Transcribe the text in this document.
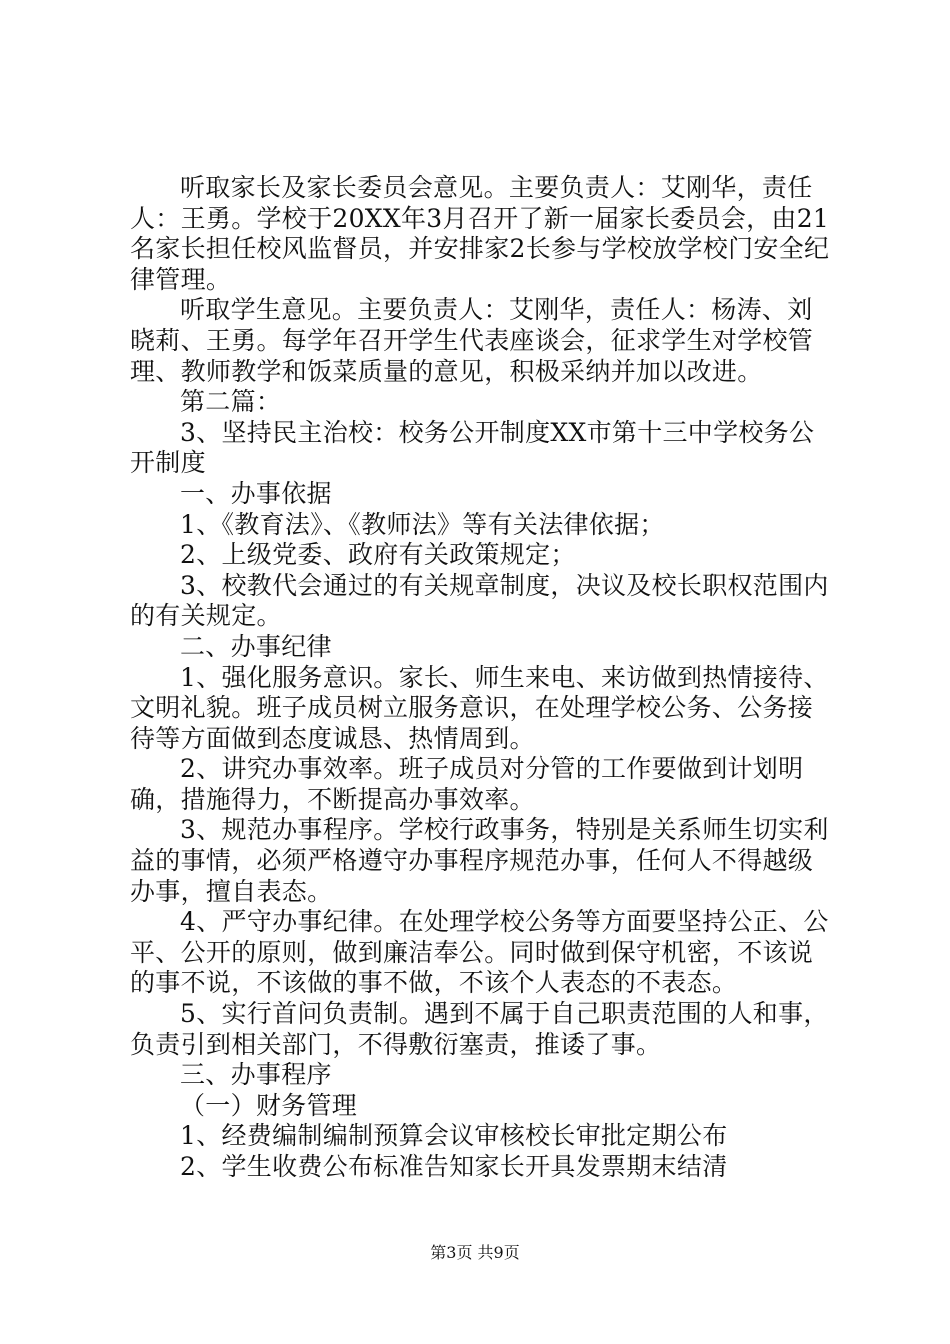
听取家长及家长委员会意见。主要负责人：艾刚华，责任人：王勇。学校于20XX年3月召开了新一届家长委员会，由21名家长担任校风监督员，并安排家2长参与学校放学校门安全纪律管理。

听取学生意见。主要负责人：艾刚华，责任人：杨涛、刘晓莉、王勇。每学年召开学生代表座谈会，征求学生对学校管理、教师教学和饭菜质量的意见，积极采纳并加以改进。

第二篇：

3、坚持民主治校：校务公开制度XX市第十三中学校务公开制度

一、办事依据

1、《教育法》、《教师法》等有关法律依据；

2、上级党委、政府有关政策规定；

3、校教代会通过的有关规章制度，决议及校长职权范围内的有关规定。

二、办事纪律

1、强化服务意识。家长、师生来电、来访做到热情接待、文明礼貌。班子成员树立服务意识，在处理学校公务、公务接待等方面做到态度诚恳、热情周到。

2、讲究办事效率。班子成员对分管的工作要做到计划明确，措施得力，不断提高办事效率。

3、规范办事程序。学校行政事务，特别是关系师生切实利益的事情，必须严格遵守办事程序规范办事，任何人不得越级办事，擅自表态。

4、严守办事纪律。在处理学校公务等方面要坚持公正、公平、公开的原则，做到廉洁奉公。同时做到保守机密，不该说的事不说，不该做的事不做，不该个人表态的不表态。

5、实行首问负责制。遇到不属于自己职责范围的人和事，负责引到相关部门，不得敷衍塞责，推诿了事。

三、办事程序

（一）财务管理

1、经费编制编制预算会议审核校长审批定期公布

2、学生收费公布标准告知家长开具发票期末结清

第3页 共9页
